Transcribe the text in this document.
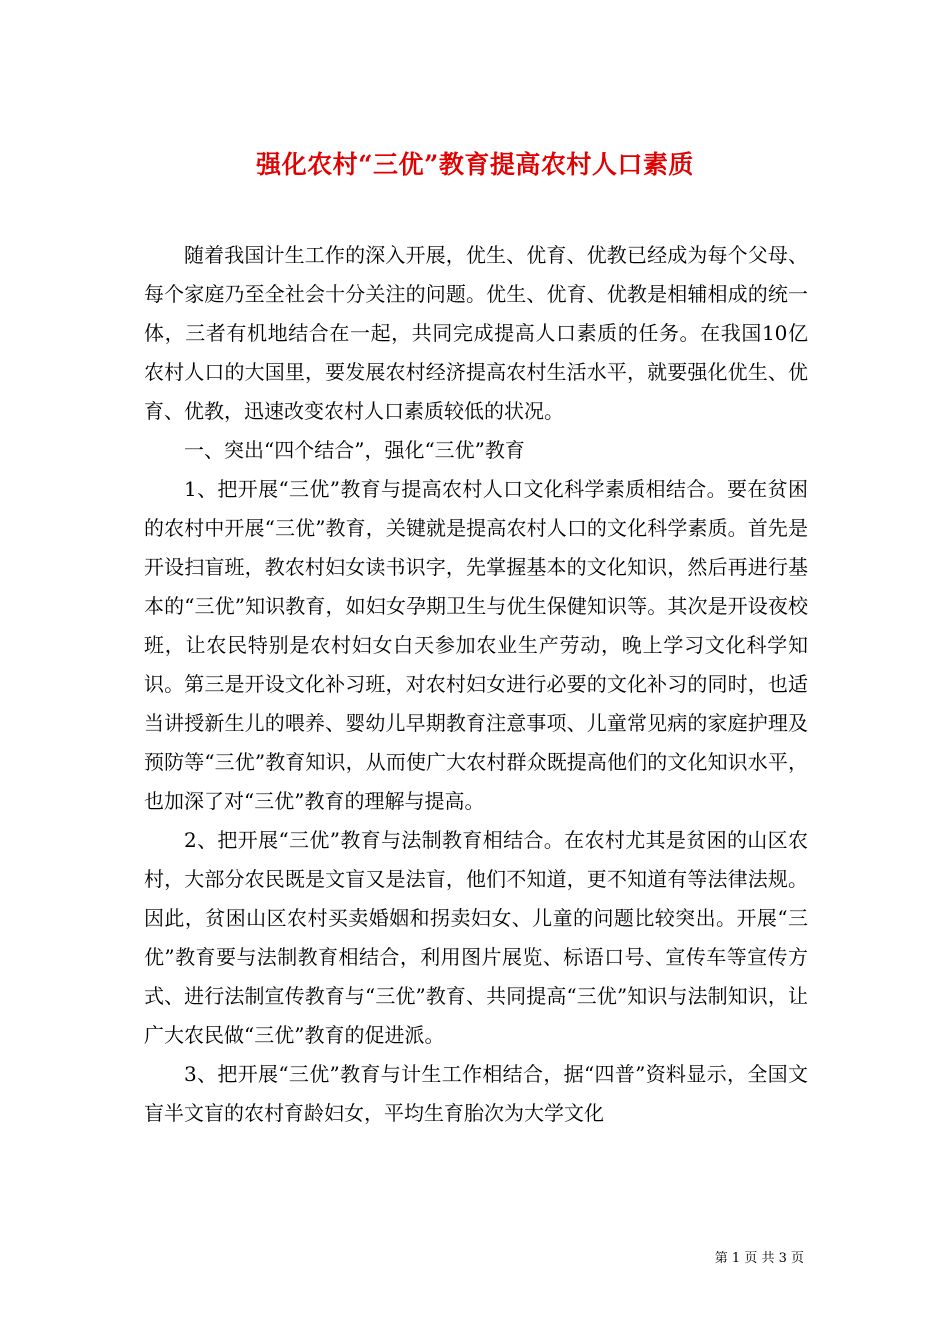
强化农村“三优”教育提高农村人口素质

随着我国计生工作的深入开展，优生、优育、优教已经成为每个父母、每个家庭乃至全社会十分关注的问题。优生、优育、优教是相辅相成的统一体，三者有机地结合在一起，共同完成提高人口素质的任务。在我国10亿农村人口的大国里，要发展农村经济提高农村生活水平，就要强化优生、优育、优教，迅速改变农村人口素质较低的状况。

一、突出“四个结合”，强化“三优”教育

1、把开展“三优”教育与提高农村人口文化科学素质相结合。要在贫困的农村中开展“三优”教育，关键就是提高农村人口的文化科学素质。首先是开设扫盲班，教农村妇女读书识字，先掌握基本的文化知识，然后再进行基本的“三优”知识教育，如妇女孕期卫生与优生保健知识等。其次是开设夜校班，让农民特别是农村妇女白天参加农业生产劳动，晚上学习文化科学知识。第三是开设文化补习班，对农村妇女进行必要的文化补习的同时，也适当讲授新生儿的喂养、婴幼儿早期教育注意事项、儿童常见病的家庭护理及预防等“三优”教育知识，从而使广大农村群众既提高他们的文化知识水平，也加深了对“三优”教育的理解与提高。

2、把开展“三优”教育与法制教育相结合。在农村尤其是贫困的山区农村，大部分农民既是文盲又是法盲，他们不知道，更不知道有等法律法规。因此，贫困山区农村买卖婚姻和拐卖妇女、儿童的问题比较突出。开展“三优”教育要与法制教育相结合，利用图片展览、标语口号、宣传车等宣传方式、进行法制宣传教育与“三优”教育、共同提高“三优”知识与法制知识，让广大农民做“三优”教育的促进派。

3、把开展“三优”教育与计生工作相结合，据“四普”资料显示，全国文盲半文盲的农村育龄妇女，平均生育胎次为大学文化

第 1 页 共 3 页
